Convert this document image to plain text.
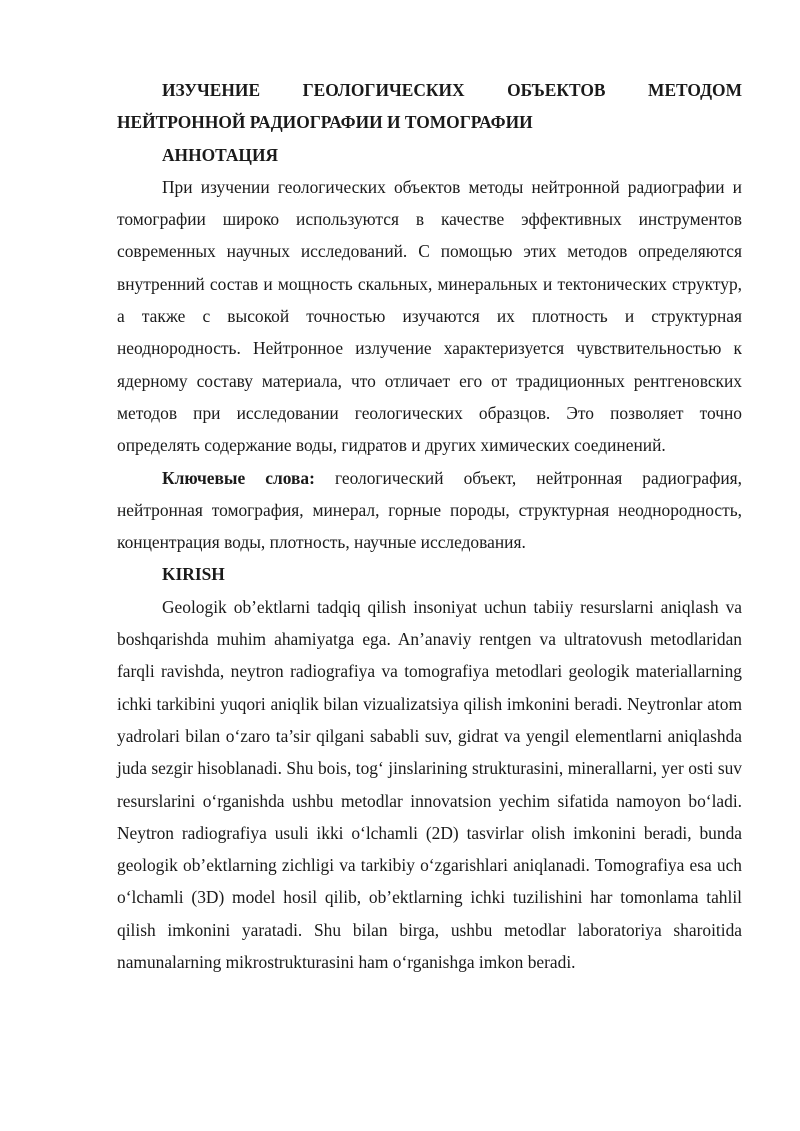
ИЗУЧЕНИЕ ГЕОЛОГИЧЕСКИХ ОБЪЕКТОВ МЕТОДОМ НЕЙТРОННОЙ РАДИОГРАФИИ И ТОМОГРАФИИ

АННОТАЦИЯ

При изучении геологических объектов методы нейтронной радиографии и томографии широко используются в качестве эффективных инструментов современных научных исследований. С помощью этих методов определяются внутренний состав и мощность скальных, минеральных и тектонических структур, а также с высокой точностью изучаются их плотность и структурная неоднородность. Нейтронное излучение характеризуется чувствительностью к ядерному составу материала, что отличает его от традиционных рентгеновских методов при исследовании геологических образцов. Это позволяет точно определять содержание воды, гидратов и других химических соединений.

Ключевые слова: геологический объект, нейтронная радиография, нейтронная томография, минерал, горные породы, структурная неоднородность, концентрация воды, плотность, научные исследования.

KIRISH

Geologik ob’ektlarni tadqiq qilish insoniyat uchun tabiiy resurslarni aniqlash va boshqarishda muhim ahamiyatga ega. An’anaviy rentgen va ultratovush metodlaridan farqli ravishda, neytron radiografiya va tomografiya metodlari geologik materiallarning ichki tarkibini yuqori aniqlik bilan vizualizatsiya qilish imkonini beradi. Neytronlar atom yadrolari bilan o‘zaro ta’sir qilgani sababli suv, gidrat va yengil elementlarni aniqlashda juda sezgir hisoblanadi. Shu bois, tog‘ jinslarining strukturasini, minerallarni, yer osti suv resurslarini o‘rganishda ushbu metodlar innovatsion yechim sifatida namoyon bo‘ladi. Neytron radiografiya usuli ikki o‘lchamli (2D) tasvirlar olish imkonini beradi, bunda geologik ob’ektlarning zichligi va tarkibiy o‘zgarishlari aniqlanadi. Tomografiya esa uch o‘lchamli (3D) model hosil qilib, ob’ektlarning ichki tuzilishini har tomonlama tahlil qilish imkonini yaratadi. Shu bilan birga, ushbu metodlar laboratoriya sharoitida namunalarning mikrostrukturasini ham o‘rganishga imkon beradi.
